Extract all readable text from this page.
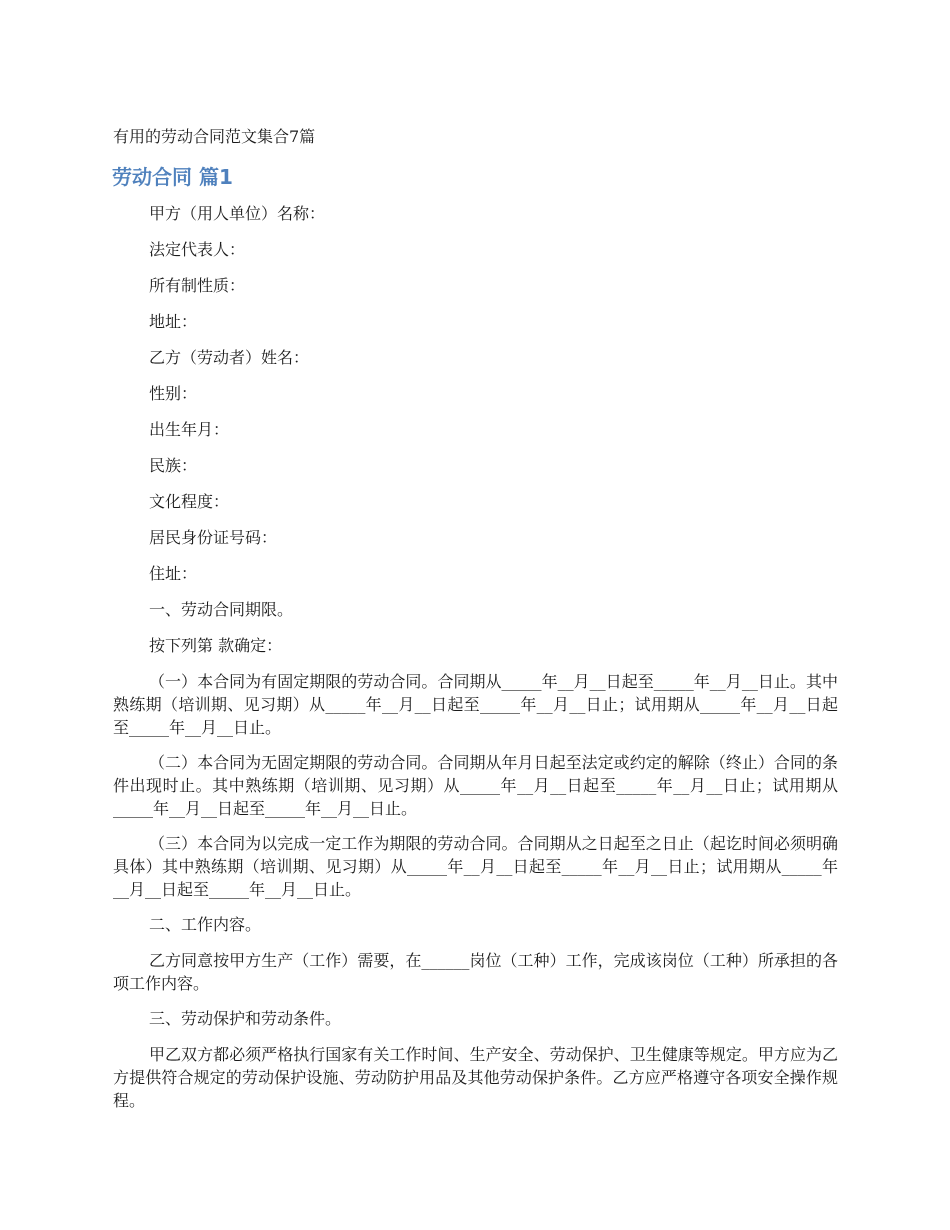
有用的劳动合同范文集合7篇
劳动合同 篇1
甲方（用人单位）名称：
法定代表人：
所有制性质：
地址：
乙方（劳动者）姓名：
性别：
出生年月：
民族：
文化程度：
居民身份证号码：
住址：
一、劳动合同期限。
按下列第 款确定：

（一）本合同为有固定期限的劳动合同。合同期从_____年__月__日起至_____年__月__日止。其中熟练期（培训期、见习期）从_____年__月__日起至_____年__月__日止；试用期从_____年__月__日起至_____年__月__日止。

（二）本合同为无固定期限的劳动合同。合同期从年月日起至法定或约定的解除（终止）合同的条件出现时止。其中熟练期（培训期、见习期）从_____年__月__日起至_____年__月__日止；试用期从_____年__月__日起至_____年__月__日止。

（三）本合同为以完成一定工作为期限的劳动合同。合同期从之日起至之日止（起讫时间必须明确具体）其中熟练期（培训期、见习期）从_____年__月__日起至_____年__月__日止；试用期从_____年__月__日起至_____年__月__日止。

二、工作内容。

乙方同意按甲方生产（工作）需要，在______岗位（工种）工作，完成该岗位（工种）所承担的各项工作内容。

三、劳动保护和劳动条件。

甲乙双方都必须严格执行国家有关工作时间、生产安全、劳动保护、卫生健康等规定。甲方应为乙方提供符合规定的劳动保护设施、劳动防护用品及其他劳动保护条件。乙方应严格遵守各项安全操作规程。
